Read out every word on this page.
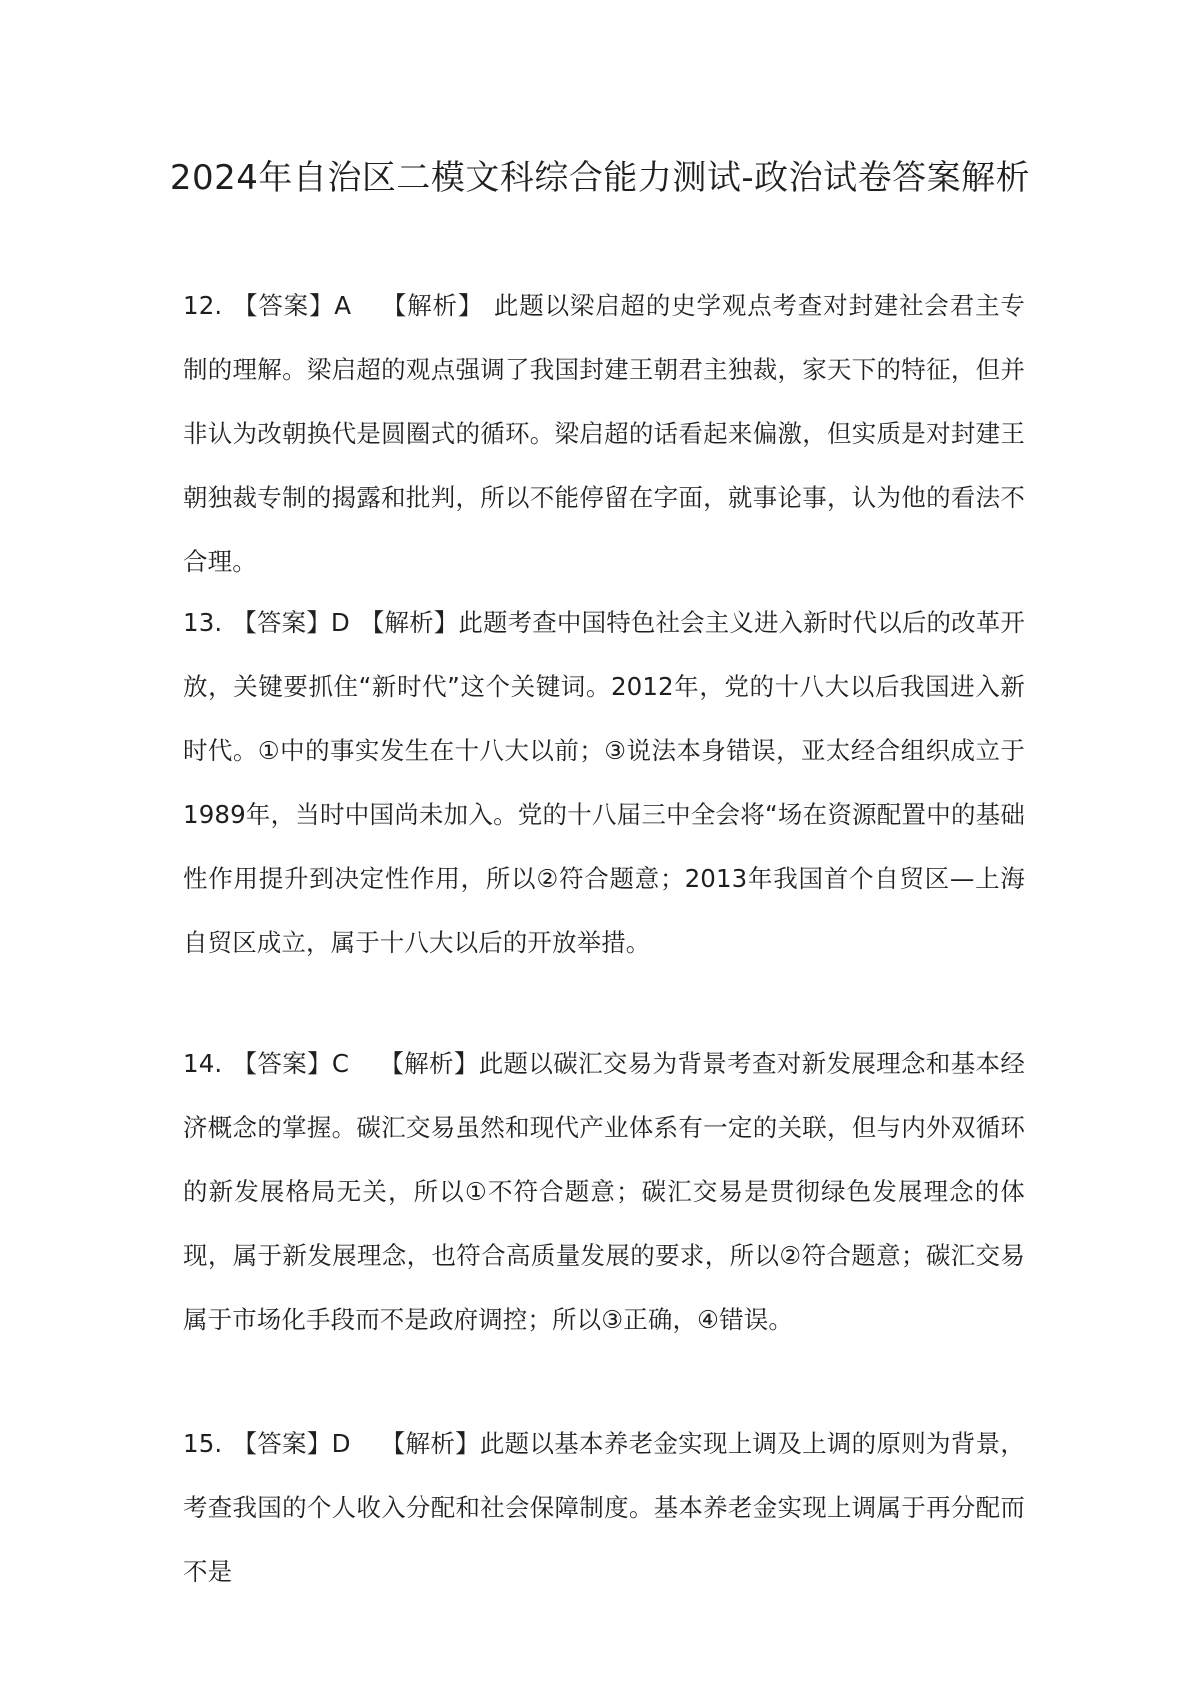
2024年自治区二模文科综合能力测试-政治试卷答案解析

12. 【答案】A 【解析】 此题以梁启超的史学观点考查对封建社会君主专制的理解。梁启超的观点强调了我国封建王朝君主独裁，家天下的特征，但并非认为改朝换代是圆圈式的循环。梁启超的话看起来偏激，但实质是对封建王朝独裁专制的揭露和批判，所以不能停留在字面，就事论事，认为他的看法不合理。

13. 【答案】D 【解析】此题考查中国特色社会主义进入新时代以后的改革开放，关键要抓住“新时代”这个关键词。2012年，党的十八大以后我国进入新时代。①中的事实发生在十八大以前；③说法本身错误，亚太经合组织成立于1989年，当时中国尚未加入。党的十八届三中全会将“场在资源配置中的基础性作用提升到决定性作用，所以②符合题意；2013年我国首个自贸区—上海自贸区成立，属于十八大以后的开放举措。

14. 【答案】C 【解析】此题以碳汇交易为背景考查对新发展理念和基本经济概念的掌握。碳汇交易虽然和现代产业体系有一定的关联，但与内外双循环的新发展格局无关，所以①不符合题意；碳汇交易是贯彻绿色发展理念的体现，属于新发展理念，也符合高质量发展的要求，所以②符合题意；碳汇交易属于市场化手段而不是政府调控；所以③正确，④错误。

15. 【答案】D 【解析】此题以基本养老金实现上调及上调的原则为背景，考查我国的个人收入分配和社会保障制度。基本养老金实现上调属于再分配而不是
